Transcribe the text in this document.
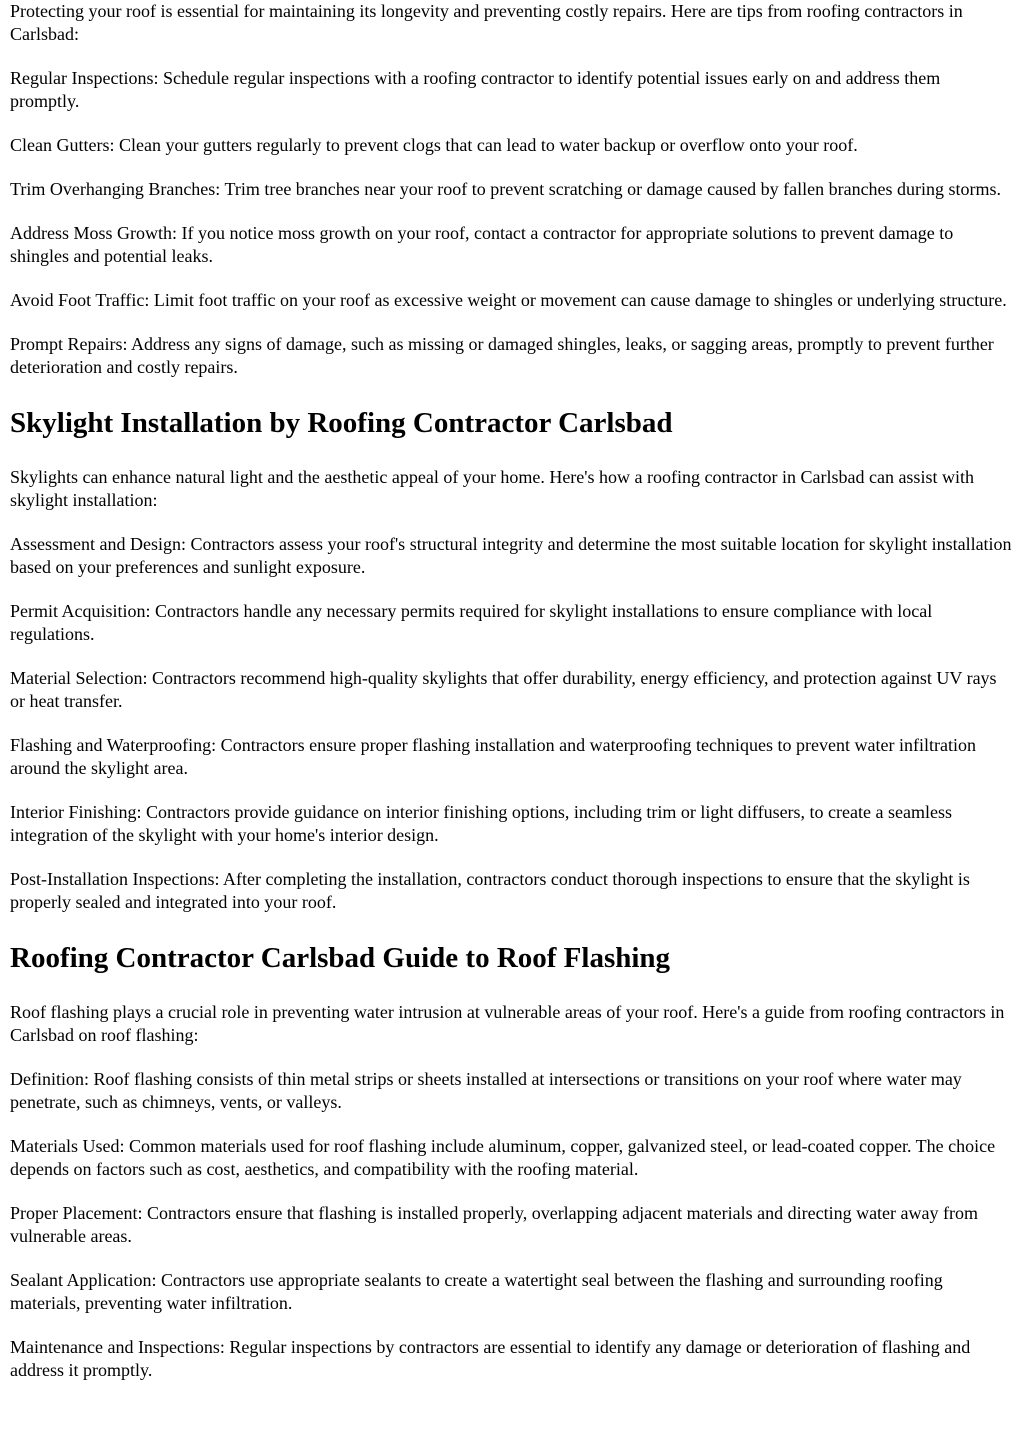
Protecting your roof is essential for maintaining its longevity and preventing costly repairs. Here are tips from roofing contractors in Carlsbad:

Regular Inspections: Schedule regular inspections with a roofing contractor to identify potential issues early on and address them promptly.

Clean Gutters: Clean your gutters regularly to prevent clogs that can lead to water backup or overflow onto your roof.

Trim Overhanging Branches: Trim tree branches near your roof to prevent scratching or damage caused by fallen branches during storms.

Address Moss Growth: If you notice moss growth on your roof, contact a contractor for appropriate solutions to prevent damage to shingles and potential leaks.

Avoid Foot Traffic: Limit foot traffic on your roof as excessive weight or movement can cause damage to shingles or underlying structure.

Prompt Repairs: Address any signs of damage, such as missing or damaged shingles, leaks, or sagging areas, promptly to prevent further deterioration and costly repairs.

Skylight Installation by Roofing Contractor Carlsbad

Skylights can enhance natural light and the aesthetic appeal of your home. Here's how a roofing contractor in Carlsbad can assist with skylight installation:

Assessment and Design: Contractors assess your roof's structural integrity and determine the most suitable location for skylight installation based on your preferences and sunlight exposure.

Permit Acquisition: Contractors handle any necessary permits required for skylight installations to ensure compliance with local regulations.

Material Selection: Contractors recommend high-quality skylights that offer durability, energy efficiency, and protection against UV rays or heat transfer.

Flashing and Waterproofing: Contractors ensure proper flashing installation and waterproofing techniques to prevent water infiltration around the skylight area.

Interior Finishing: Contractors provide guidance on interior finishing options, including trim or light diffusers, to create a seamless integration of the skylight with your home's interior design.

Post-Installation Inspections: After completing the installation, contractors conduct thorough inspections to ensure that the skylight is properly sealed and integrated into your roof.

Roofing Contractor Carlsbad Guide to Roof Flashing

Roof flashing plays a crucial role in preventing water intrusion at vulnerable areas of your roof. Here's a guide from roofing contractors in Carlsbad on roof flashing:

Definition: Roof flashing consists of thin metal strips or sheets installed at intersections or transitions on your roof where water may penetrate, such as chimneys, vents, or valleys.

Materials Used: Common materials used for roof flashing include aluminum, copper, galvanized steel, or lead-coated copper. The choice depends on factors such as cost, aesthetics, and compatibility with the roofing material.

Proper Placement: Contractors ensure that flashing is installed properly, overlapping adjacent materials and directing water away from vulnerable areas.

Sealant Application: Contractors use appropriate sealants to create a watertight seal between the flashing and surrounding roofing materials, preventing water infiltration.

Maintenance and Inspections: Regular inspections by contractors are essential to identify any damage or deterioration of flashing and address it promptly.
